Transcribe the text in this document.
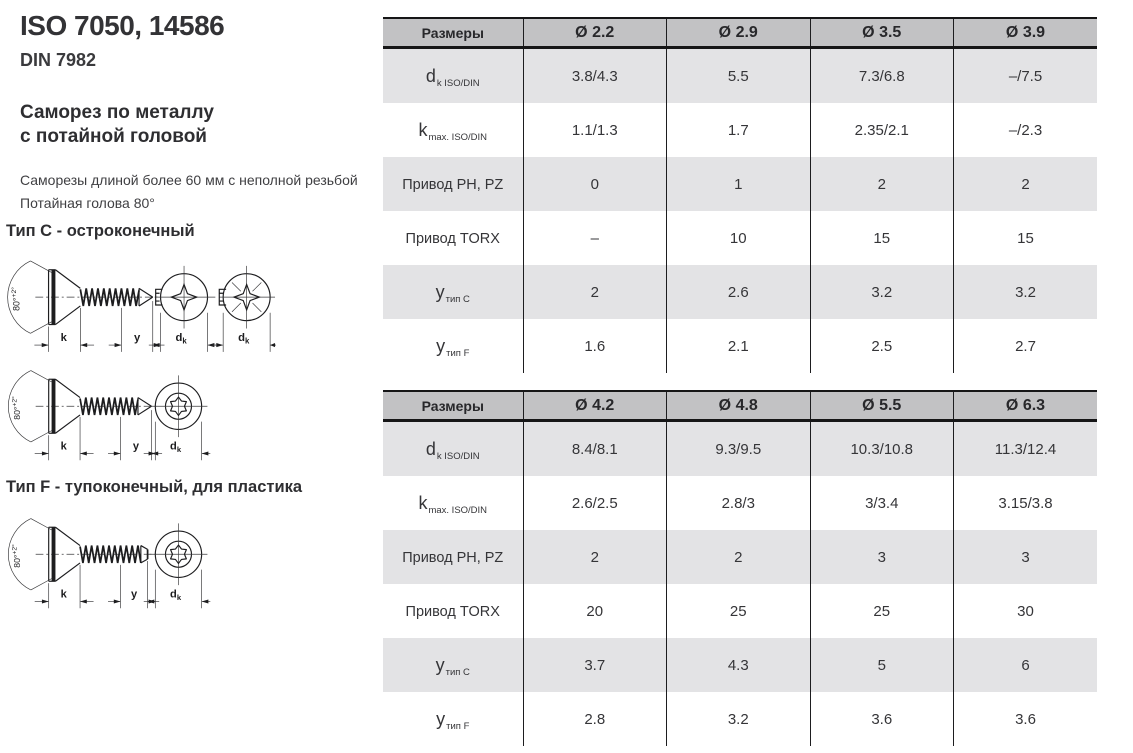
ISO 7050, 14586
DIN 7982

Саморез по металлу
с потайной головой

Саморезы длиной более 60 мм с неполной резьбой
Потайная голова 80°

Тип C - остроконечный
Тип F - тупоконечный, для пластика
80°$^{+2^\circ}$
k	y	$d_k$	$d_k$
80°$^{+2^\circ}$
k	y	$d_k$
80°$^{+2^\circ}$
k	y	$d_k$
Размеры	Ø 2.2	Ø 2.9	Ø 3.5	Ø 3.9
$d_{k ISO/DIN}$	3.8/4.3	5.5	7.3/6.8	–/7.5
$k_{max. ISO/DIN}$	1.1/1.3	1.7	2.35/2.1	–/2.3
Привод PH, PZ	0	1	2	2
Привод TORX	–	10	15	15
$y_{тип C}$	2	2.6	3.2	3.2
$y_{тип F}$	1.6	2.1	2.5	2.7
Размеры	Ø 4.2	Ø 4.8	Ø 5.5	Ø 6.3
$d_{k ISO/DIN}$	8.4/8.1	9.3/9.5	10.3/10.8	11.3/12.4
$k_{max. ISO/DIN}$	2.6/2.5	2.8/3	3/3.4	3.15/3.8
Привод PH, PZ	2	2	3	3
Привод TORX	20	25	25	30
$y_{тип C}$	3.7	4.3	5	6
$y_{тип F}$	2.8	3.2	3.6	3.6
